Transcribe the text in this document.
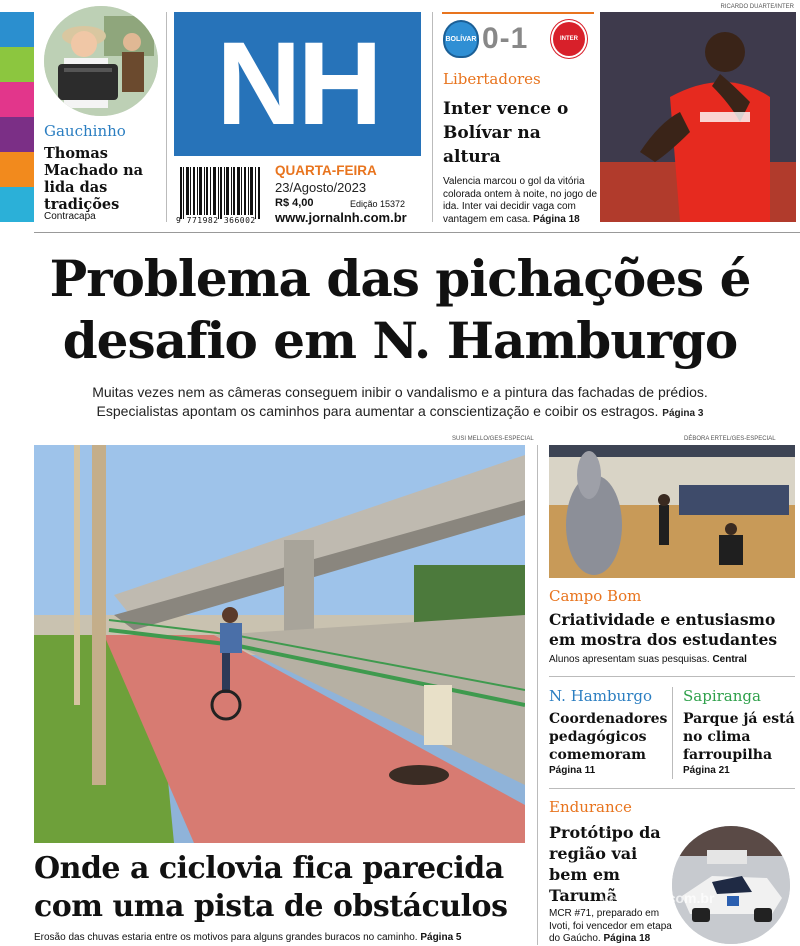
Gauchinho
Thomas Machado na lida das tradições
Contracapa
NH
9 771982 366002
QUARTA-FEIRA
23/Agosto/2023
R$ 4,00	Edição 15372
www.jornalnh.com.br
BOLÍVAR 0-1	INTER
Libertadores
Inter vence o Bolívar na altura
Valencia marcou o gol da vitória colorada ontem à noite, no jogo de ida. Inter vai decidir vaga com vantagem em casa. Página 18
RICARDO DUARTE/INTER
Problema das pichações é
desafio em N. Hamburgo
Muitas vezes nem as câmeras conseguem inibir o vandalismo e a pintura das fachadas de prédios.
Especialistas apontam os caminhos para aumentar a conscientização e coibir os estragos. Página 3
SUSI MELLO/GES-ESPECIAL
Onde a ciclovia fica parecida
com uma pista de obstáculos
Erosão das chuvas estaria entre os motivos para alguns grandes buracos no caminho. Página 5
DÉBORA ERTEL/GES-ESPECIAL
Campo Bom
Criatividade e entusiasmo em mostra dos estudantes
Alunos apresentam suas pesquisas. Central
N. Hamburgo
Coordenadores pedagógicos comemoram
Página 11
Sapiranga
Parque já está no clima farroupilha
Página 21
Endurance
Protótipo da região vai bem em Tarumã
MCR #71, preparado em Ivoti, foi vencedor em etapa do Gaúcho. Página 18
VerCapas.com.br
